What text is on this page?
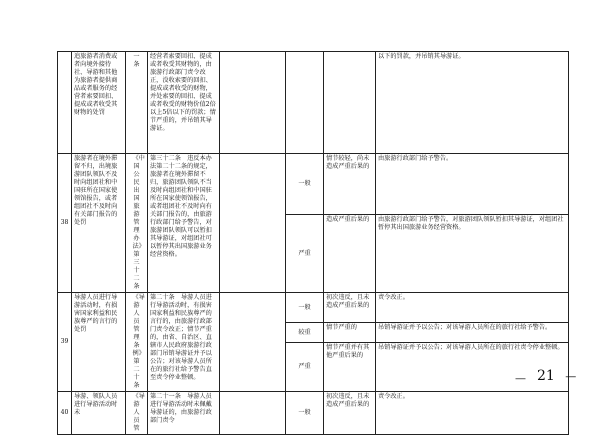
	追旅游者消费或者向境外接待社、导游和其他为旅游者提供商品或者服务的经营者索要回扣、提成或者收受其财物的处罚	一条	经营者索要回扣、提成或者收受其财物的，由旅游行政部门责令改正，没收索要的回扣、提成或者收受的财物，并处索要的回扣、提成或者收受的财物价值2倍以上5倍以下的罚款；情节严重的，并吊销其导游证。				以下的罚款，并吊销其导游证。
38	旅游者在境外滞留不归，出境旅游团队领队不及时向组团社和中国驻所在国家使领馆报告，或者组团社不及时向有关部门报告的处罚	《中国公民出国旅游管理办法》第三十二条	第三十二条　违反本办法第二十二条的规定，旅游者在境外滞留不归，旅游团队领队不当及时向组团社和中国驻所在国家使领馆报告，或者组团社不及时向有关部门报告的，由旅游行政部门给予警告，对旅游团队领队可以暂扣其导游证，对组团社可以暂停其出国旅游业务经营资格。		一般	情节较轻，尚未造成严重后果的	由旅游行政部门给予警告。
					严重	造成严重后果的	由旅游行政部门给予警告，对旅游团队领队暂扣其导游证，对组团社暂停其出国旅游业务经营资格。
39	导游人员进行导游活动时，有损害国家利益和民族尊严的言行的处罚	《导游人员管理条例》第二十条	第二十条　导游人员进行导游活动时，有损害国家利益和民族尊严的言行的，由旅游行政部门责令改正；情节严重的，由省、自治区、直辖市人民政府旅游行政部门吊销导游证并予以公告；对该导游人员所在的旅行社给予警告直至责令停业整顿。		一般	初次违反，且未造成严重后果的	责令改正。
					较重	情节严重的	吊销导游证并予以公告；对该导游人员所在的旅行社给予警告。
					严重	情节严重并有其他严重后果的	吊销导游证并予以公告；对该导游人员所在的旅行社责令停业整顿。
40	导游、领队人员进行导游活动时未	《导游人员管	第二十一条　导游人员进行导游活动时未佩戴导游证的，由旅游行政部门责令		一般	初次违反，且未造成严重后果的	责令改正。
— 21 —
